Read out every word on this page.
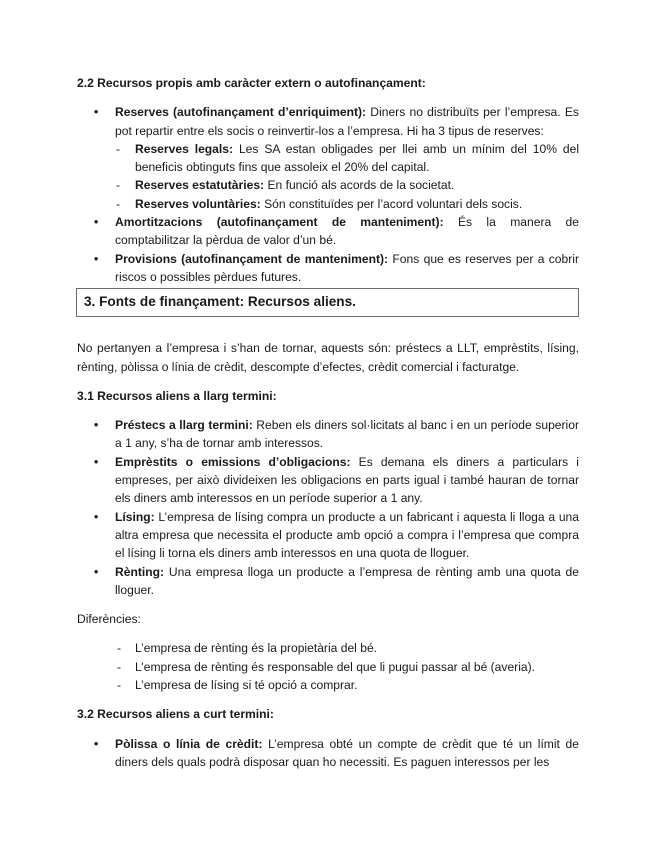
2.2 Recursos propis amb caràcter extern o autofinançament:

• Reserves (autofinançament d’enriquiment): Diners no distribuïts per l’empresa. Es pot repartir entre els socis o reinvertir-los a l’empresa. Hi ha 3 tipus de reserves:
- Reserves legals: Les SA estan obligades per llei amb un mínim del 10% del beneficis obtinguts fins que assoleix el 20% del capital.
- Reserves estatutàries: En funció als acords de la societat.
- Reserves voluntàries: Són constituïdes per l’acord voluntari dels socis.
• Amortitzacions (autofinançament de manteniment): És la manera de comptabilitzar la pèrdua de valor d’un bé.
• Provisions (autofinançament de manteniment): Fons que es reserves per a cobrir riscos o possibles pèrdues futures.
3. Fonts de finançament: Recursos aliens.

No pertanyen a l’empresa i s’han de tornar, aquests són: préstecs a LLT, emprèstits, lísing, rènting, pòlissa o línia de crèdit, descompte d’efectes, crèdit comercial i facturatge.

3.1 Recursos aliens a llarg termini:

• Préstecs a llarg termini: Reben els diners sol·licitats al banc i en un període superior a 1 any, s’ha de tornar amb interessos.
• Emprèstits o emissions d’obligacions: Es demana els diners a particulars i empreses, per això divideixen les obligacions en parts igual i també hauran de tornar els diners amb interessos en un període superior a 1 any.
• Lísing: L’empresa de lísing compra un producte a un fabricant i aquesta li lloga a una altra empresa que necessita el producte amb opció a compra i l’empresa que compra el lísing li torna els diners amb interessos en una quota de lloguer.
• Rènting: Una empresa lloga un producte a l’empresa de rènting amb una quota de lloguer.

Diferències:

- L’empresa de rènting és la propietària del bé.
- L’empresa de rènting és responsable del que li pugui passar al bé (averia).
- L’empresa de lísing si té opció a comprar.

3.2 Recursos aliens a curt termini:

• Pòlissa o línia de crèdit: L’empresa obté un compte de crèdit que té un límit de diners dels quals podrà disposar quan ho necessiti. Es paguen interessos per les
